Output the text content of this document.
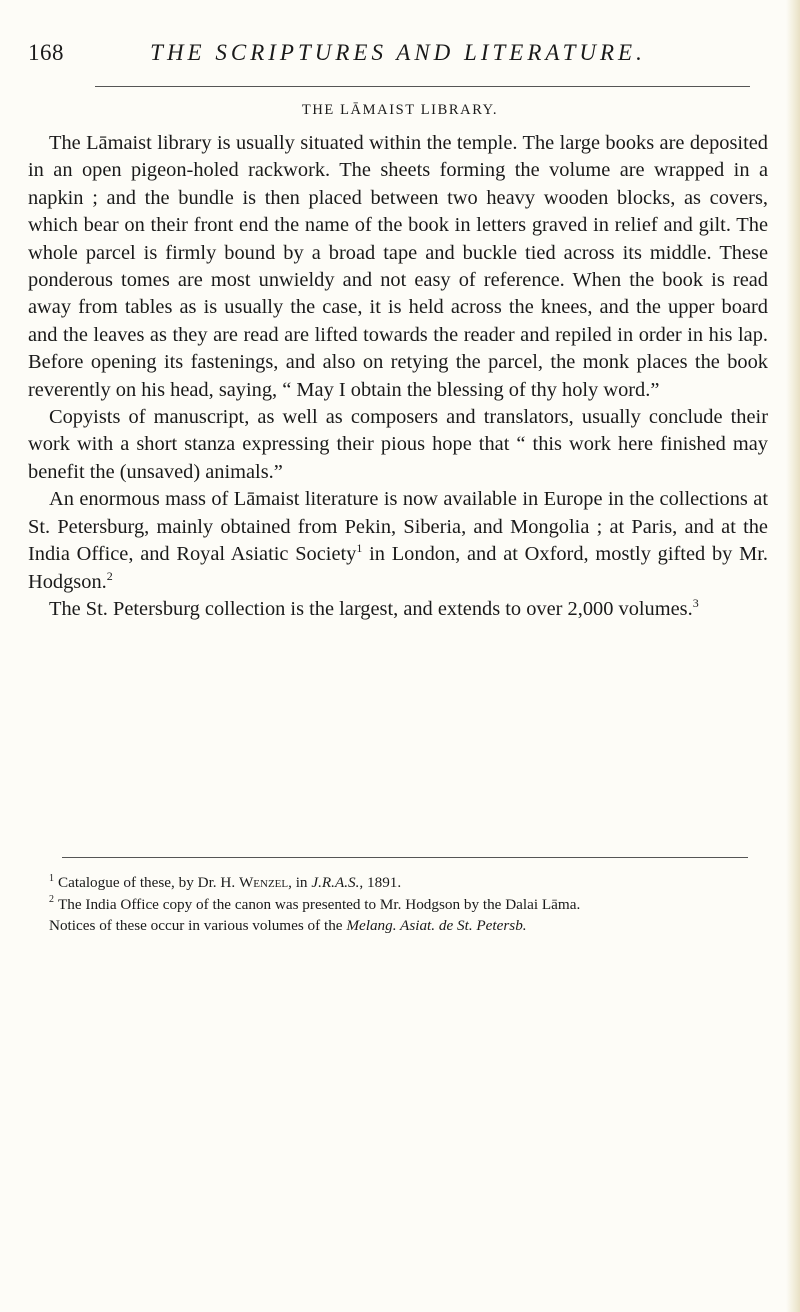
168	THE SCRIPTURES AND LITERATURE.
THE LĀMAIST LIBRARY.

The Lāmaist library is usually situated within the temple. The large books are deposited in an open pigeon-holed rackwork. The sheets forming the volume are wrapped in a napkin ; and the bundle is then placed between two heavy wooden blocks, as covers, which bear on their front end the name of the book in letters graved in relief and gilt. The whole parcel is firmly bound by a broad tape and buckle tied across its middle. These ponderous tomes are most unwieldy and not easy of reference. When the book is read away from tables as is usually the case, it is held across the knees, and the upper board and the leaves as they are read are lifted towards the reader and repiled in order in his lap. Before opening its fastenings, and also on retying the parcel, the monk places the book reverently on his head, saying, “ May I obtain the blessing of thy holy word.”

Copyists of manuscript, as well as composers and translators, usually conclude their work with a short stanza expressing their pious hope that “ this work here finished may benefit the (unsaved) animals.”

An enormous mass of Lāmaist literature is now available in Europe in the collections at St. Petersburg, mainly obtained from Pekin, Siberia, and Mongolia ; at Paris, and at the India Office, and Royal Asiatic Society$^1$ in London, and at Oxford, mostly gifted by Mr. Hodgson.$^2$

The St. Petersburg collection is the largest, and extends to over 2,000 volumes.$^3$

$^1$ Catalogue of these, by Dr. H. Wenzel, in J.R.A.S., 1891.

$^2$ The India Office copy of the canon was presented to Mr. Hodgson by the Dalai Lāma.

Notices of these occur in various volumes of the Melang. Asiat. de St. Petersb.
